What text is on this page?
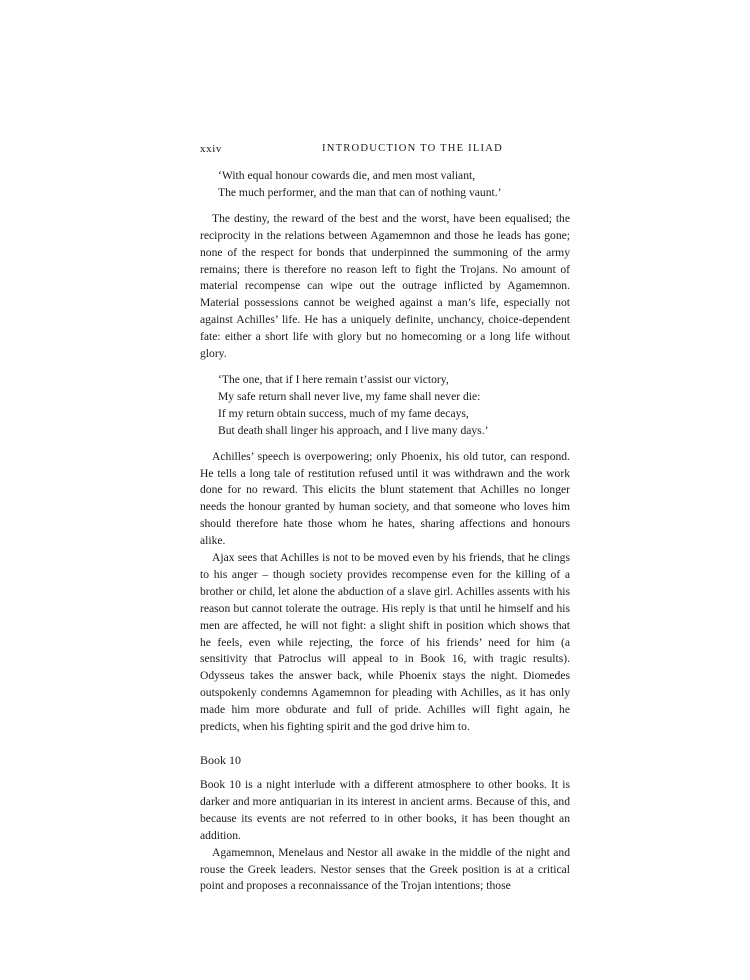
xxiv	INTRODUCTION TO THE ILIAD
‘With equal honour cowards die, and men most valiant,
The much performer, and the man that can of nothing vaunt.’

The destiny, the reward of the best and the worst, have been equalised; the reciprocity in the relations between Agamemnon and those he leads has gone; none of the respect for bonds that underpinned the summoning of the army remains; there is therefore no reason left to fight the Trojans. No amount of material recompense can wipe out the outrage inflicted by Agamemnon. Material possessions cannot be weighed against a man’s life, especially not against Achilles’ life. He has a uniquely definite, unchancy, choice-dependent fate: either a short life with glory but no homecoming or a long life without glory.

‘The one, that if I here remain t’assist our victory,
My safe return shall never live, my fame shall never die:
If my return obtain success, much of my fame decays,
But death shall linger his approach, and I live many days.’

Achilles’ speech is overpowering; only Phoenix, his old tutor, can respond. He tells a long tale of restitution refused until it was withdrawn and the work done for no reward. This elicits the blunt statement that Achilles no longer needs the honour granted by human society, and that someone who loves him should therefore hate those whom he hates, sharing affections and honours alike.

Ajax sees that Achilles is not to be moved even by his friends, that he clings to his anger – though society provides recompense even for the killing of a brother or child, let alone the abduction of a slave girl. Achilles assents with his reason but cannot tolerate the outrage. His reply is that until he himself and his men are affected, he will not fight: a slight shift in position which shows that he feels, even while rejecting, the force of his friends’ need for him (a sensitivity that Patroclus will appeal to in Book 16, with tragic results). Odysseus takes the answer back, while Phoenix stays the night. Diomedes outspokenly condemns Agamemnon for pleading with Achilles, as it has only made him more obdurate and full of pride. Achilles will fight again, he predicts, when his fighting spirit and the god drive him to.

Book 10

Book 10 is a night interlude with a different atmosphere to other books. It is darker and more antiquarian in its interest in ancient arms. Because of this, and because its events are not referred to in other books, it has been thought an addition.

Agamemnon, Menelaus and Nestor all awake in the middle of the night and rouse the Greek leaders. Nestor senses that the Greek position is at a critical point and proposes a reconnaissance of the Trojan intentions; those
